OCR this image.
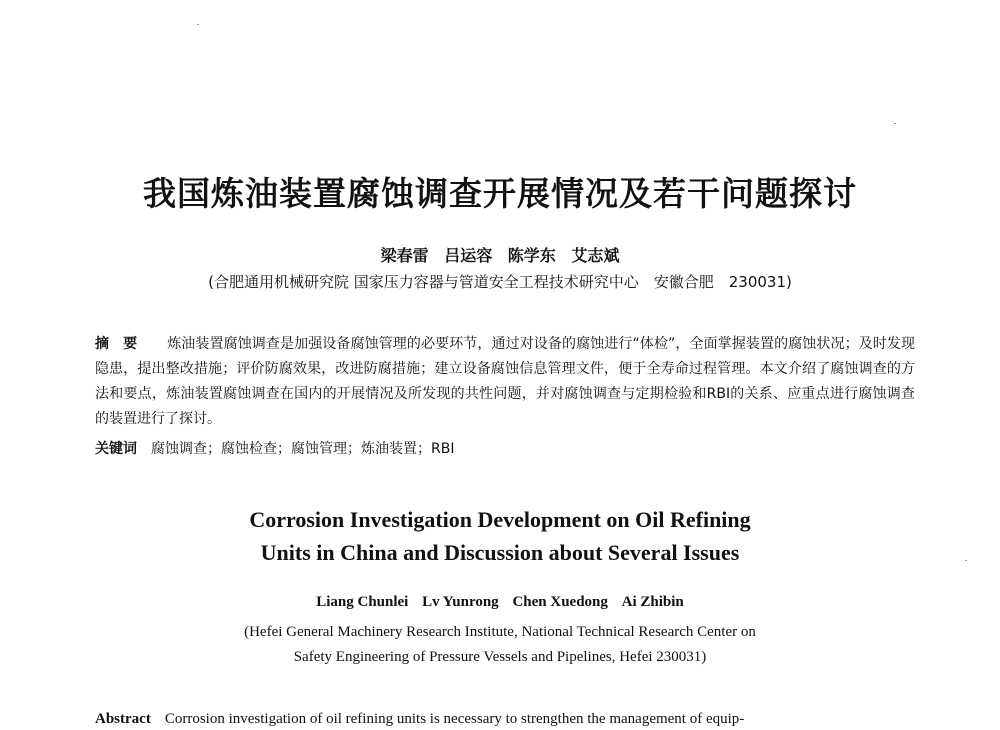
我国炼油装置腐蚀调查开展情况及若干问题探讨
梁春雷 吕运容 陈学东 艾志斌
(合肥通用机械研究院 国家压力容器与管道安全工程技术研究中心　安徽合肥　230031)
摘要 炼油装置腐蚀调查是加强设备腐蚀管理的必要环节，通过对设备的腐蚀进行“体检”，全面掌握装置的腐蚀状况；及时发现隐患，提出整改措施；评价防腐效果，改进防腐措施；建立设备腐蚀信息管理文件，便于全寿命过程管理。本文介绍了腐蚀调查的方法和要点，炼油装置腐蚀调查在国内的开展情况及所发现的共性问题，并对腐蚀调查与定期检验和RBI的关系、应重点进行腐蚀调查的装置进行了探讨。
关键词 腐蚀调查；腐蚀检查；腐蚀管理；炼油装置；RBI
Corrosion Investigation Development on Oil Refining
Units in China and Discussion about Several Issues
Liang Chunlei Lv Yunrong Chen Xuedong Ai Zhibin
(Hefei General Machinery Research Institute, National Technical Research Center on
Safety Engineering of Pressure Vessels and Pipelines, Hefei 230031)
Abstract Corrosion investigation of oil refining units is necessary to strengthen the management of equip-
